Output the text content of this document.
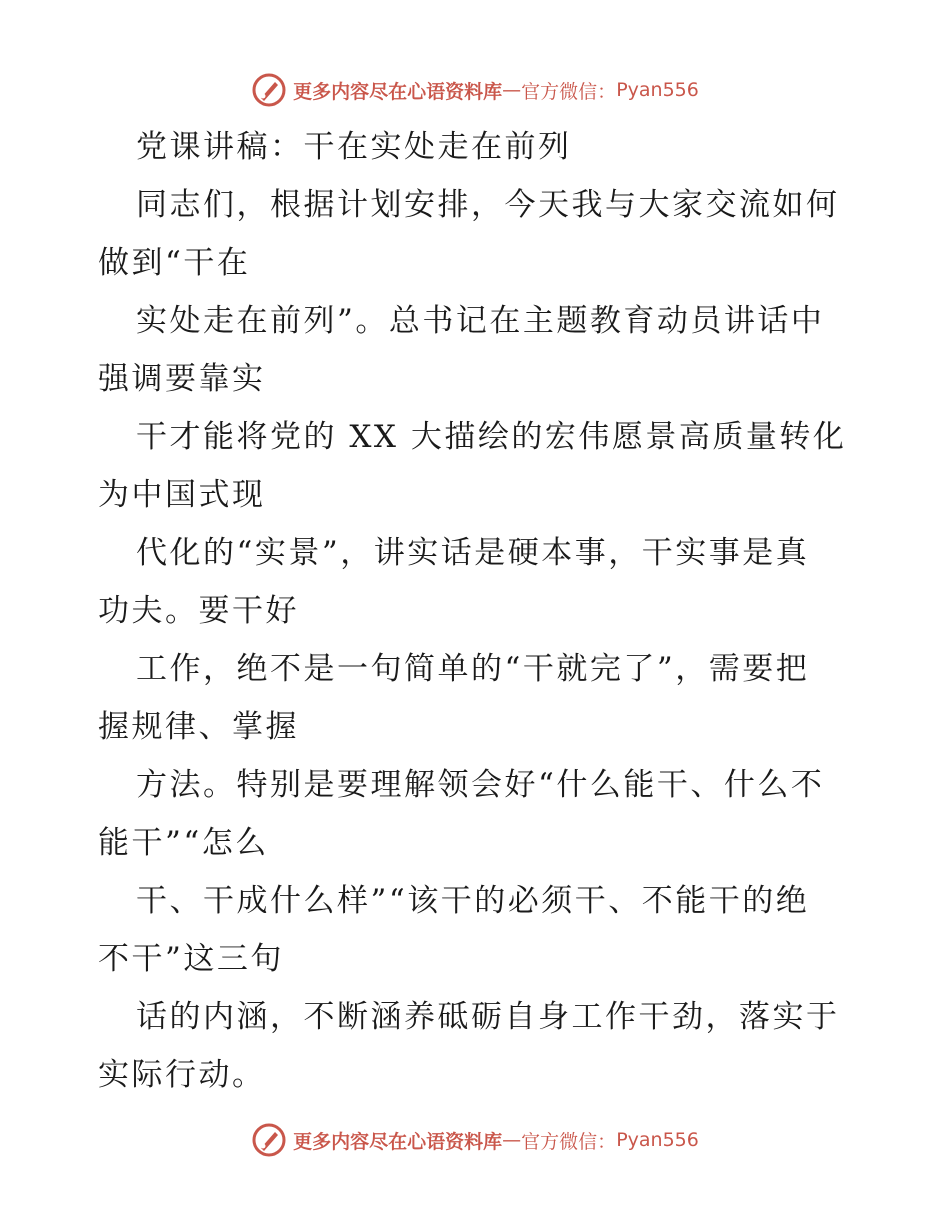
更多内容尽在心语资料库 — 官方微信： Pyan556
党课讲稿：干在实处走在前列
同志们，根据计划安排，今天我与大家交流如何
做到“干在
实处走在前列”。总书记在主题教育动员讲话中
强调要靠实
干才能将党的 XX 大描绘的宏伟愿景高质量转化
为中国式现
代化的“实景”，讲实话是硬本事，干实事是真
功夫。要干好
工作，绝不是一句简单的“干就完了”，需要把
握规律、掌握
方法。特别是要理解领会好“什么能干、什么不
能干”“怎么
干、干成什么样”“该干的必须干、不能干的绝
不干”这三句
话的内涵，不断涵养砥砺自身工作干劲，落实于
实际行动。
更多内容尽在心语资料库 — 官方微信： Pyan556
